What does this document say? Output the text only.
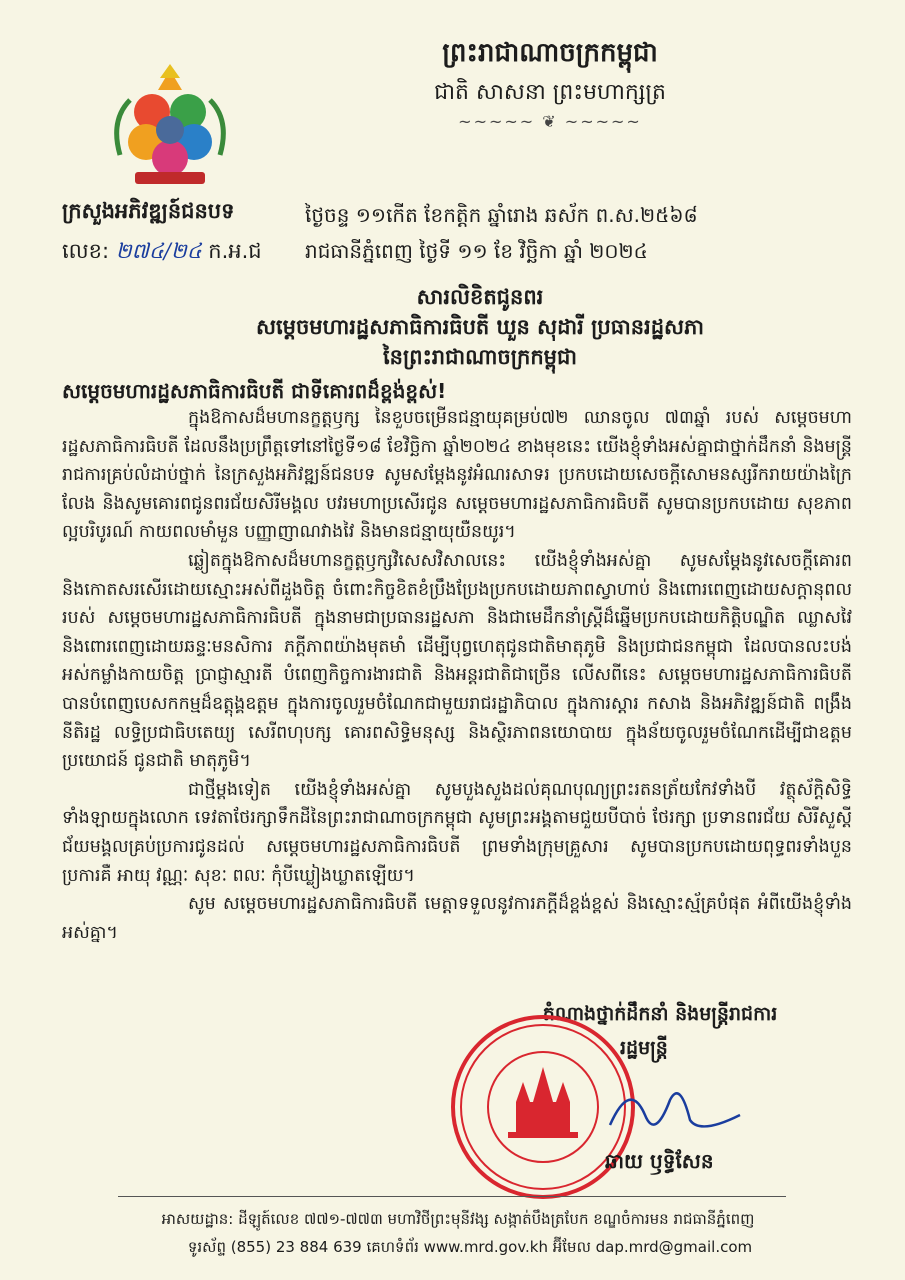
ព្រះរាជាណាចក្រកម្ពុជា
ជាតិ សាសនា ព្រះមហាក្សត្រ
~~~~~ ❦ ~~~~~
ក្រសួងអភិវឌ្ឍន៍ជនបទ
លេខ: ២៧៤/២៤ ក.អ.ជ
ថ្ងៃចន្ទ ១១កើត ខែកត្តិក ឆ្នាំរោង ឆស័ក ព.ស.២៥៦៨
រាជធានីភ្នំពេញ ថ្ងៃទី ១១ ខែ វិច្ឆិកា ឆ្នាំ ២០២៤
សារលិខិតជូនពរ
សម្តេចមហារដ្ឋសភាធិការធិបតី ឃួន សុដារី ប្រធានរដ្ឋសភា
នៃព្រះរាជាណាចក្រកម្ពុជា
សម្តេចមហារដ្ឋសភាធិការធិបតី ជាទីគោរពដ៏ខ្ពង់ខ្ពស់!

ក្នុងឱកាសដ៏មហានក្ខត្តឫក្ស នៃខួបចម្រើនជន្មាយុគម្រប់៧២ ឈានចូល ៧៣ឆ្នាំ របស់ សម្តេចមហារដ្ឋសភាធិការធិបតី ដែលនឹងប្រព្រឹត្តទៅនៅថ្ងៃទី១៨ ខែវិច្ឆិកា ឆ្នាំ២០២៤ ខាងមុខនេះ យើងខ្ញុំទាំងអស់គ្នាជាថ្នាក់ដឹកនាំ និងមន្ត្រីរាជការគ្រប់លំដាប់ថ្នាក់ នៃក្រសួងអភិវឌ្ឍន៍ជនបទ សូមសម្តែងនូវអំណរសាទរ ប្រកបដោយសេចក្តីសោមនស្សរីករាយយ៉ាងក្រៃលែង និងសូមគោរពជូនពរជ័យសិរីមង្គល បវរមហាប្រសើរជូន សម្តេចមហារដ្ឋសភាធិការធិបតី សូមបានប្រកបដោយ សុខភាពល្អបរិបូរណ៍ កាយពលមាំមួន បញ្ញាញាណវាងវៃ និងមានជន្មាយុយឺនយូរ។

ឆ្លៀតក្នុងឱកាសដ៏មហានក្ខត្តឫក្សវិសេសវិសាលនេះ យើងខ្ញុំទាំងអស់គ្នា សូមសម្តែងនូវសេចក្តីគោរព និងកោតសរសើរដោយស្មោះអស់ពីដួងចិត្ត ចំពោះកិច្ចខិតខំប្រឹងប្រែងប្រកបដោយភាពស្វាហាប់ និងពោរពេញដោយសក្តានុពលរបស់ សម្តេចមហារដ្ឋសភាធិការធិបតី ក្នុងនាមជាប្រធានរដ្ឋសភា និងជាមេដឹកនាំស្ត្រីដ៏ឆ្នើមប្រកបដោយកិត្តិបណ្ឌិត ឈ្លាសវៃ និងពោរពេញដោយឆន្ទៈមនសិការ ភក្តីភាពយ៉ាងមុតមាំ ដើម្បីបុព្វហេតុជូនជាតិមាតុភូមិ និងប្រជាជនកម្ពុជា ដែលបានលះបង់អស់កម្លាំងកាយចិត្ត ប្រាជ្ញាស្មារតី បំពេញកិច្ចការងារជាតិ និងអន្តរជាតិជាច្រើន លើសពីនេះ សម្តេចមហារដ្ឋសភាធិការធិបតី បានបំពេញបេសកកម្មដ៏ឧត្តុង្គឧត្តម ក្នុងការចូលរួមចំណែកជាមួយរាជរដ្ឋាភិបាល ក្នុងការស្តារ កសាង និងអភិវឌ្ឍន៍ជាតិ ពង្រឹងនីតិរដ្ឋ លទ្ធិប្រជាធិបតេយ្យ សេរីពហុបក្ស គោរពសិទ្ធិមនុស្ស និងស្ថិរភាពនយោបាយ ក្នុងន័យចូលរួមចំណែកដើម្បីជាឧត្តមប្រយោជន៍ ជូនជាតិ មាតុភូមិ។

ជាថ្មីម្តងទៀត យើងខ្ញុំទាំងអស់គ្នា សូមបួងសួងដល់គុណបុណ្យព្រះរតនត្រ័យកែវទាំងបី វត្ថុស័ក្តិសិទ្ធិទាំងឡាយក្នុងលោក ទេវតាថែរក្សាទឹកដីនៃព្រះរាជាណាចក្រកម្ពុជា សូមព្រះអង្គតាមជួយបីបាច់ ថែរក្សា ប្រទានពរជ័យ សិរីសួស្តី ជ័យមង្គលគ្រប់ប្រការជូនដល់ សម្តេចមហារដ្ឋសភាធិការធិបតី ព្រមទាំងក្រុមគ្រួសារ សូមបានប្រកបដោយពុទ្ធពរទាំងបួនប្រការគឺ អាយុ វណ្ណៈ សុខៈ ពលៈ កុំបីឃ្លៀងឃ្លាតឡើយ។

សូម សម្តេចមហារដ្ឋសភាធិការធិបតី មេត្តាទទួលនូវការភក្តីដ៏ខ្ពង់ខ្ពស់ និងស្មោះស្ម័គ្របំផុត អំពីយើងខ្ញុំទាំងអស់គ្នា។

តំណាងថ្នាក់ដឹកនាំ និងមន្ត្រីរាជការ
រដ្ឋមន្ត្រី
ឆាយ ឫទ្ធិសែន
អាសយដ្ឋាន: ដីឡូត៍លេខ ៧៧១-៧៧៣ មហាវិថីព្រះមុនីវង្ស សង្កាត់បឹងត្របែក ខណ្ឌចំការមន រាជធានីភ្នំពេញ
ទូរស័ព្ទ (855) 23 884 639 គេហទំព័រ www.mrd.gov.kh អ៊ីមែល dap.mrd@gmail.com
